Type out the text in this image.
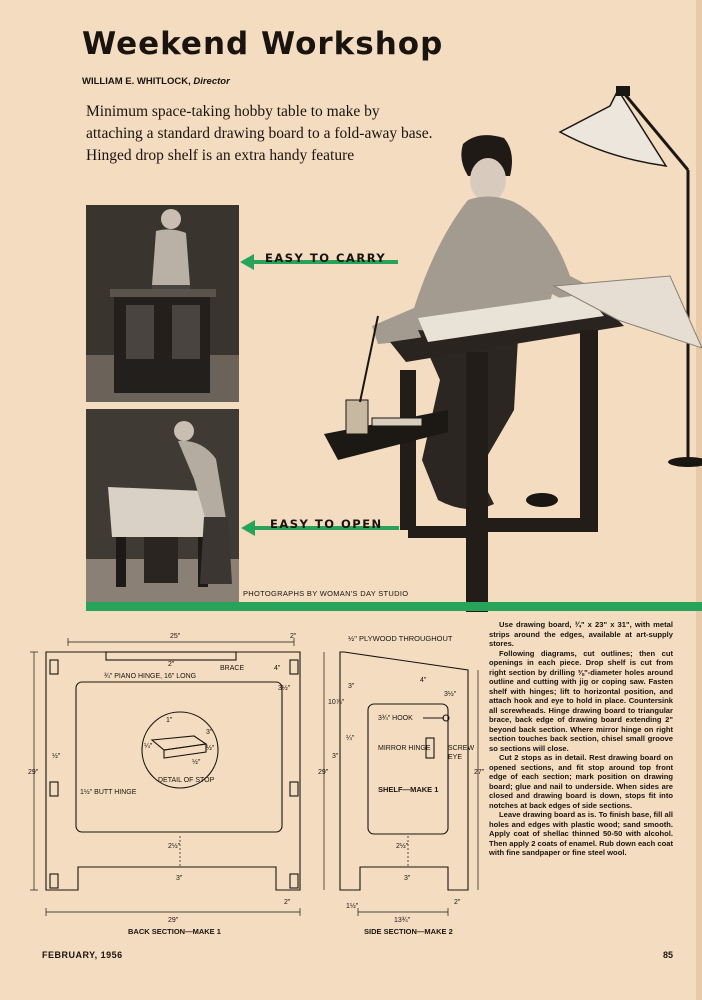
Weekend Workshop
WILLIAM E. WHITLOCK, Director

Minimum space-taking hobby table to make by attaching a standard drawing board to a fold-away base. Hinged drop shelf is an extra handy feature

PHOTOGRAPHS BY WOMAN'S DAY STUDIO
EASY TO CARRY
EASY TO OPEN
½" PLYWOOD THROUGHOUT
25"	2"
2"
BRACE
¾" PIANO HINGE, 16" LONG
4"
3½"
½"
29"
1½" BUTT HINGE
DETAIL OF STOP
1"
3"
½"
¼"
½"
2½"
3"
2"
29"
BACK SECTION—MAKE 1
10⅞"
3"
4"
3½"
¼"
3¾" HOOK
MIRROR HINGE	SCREW
EYE
3"
29"	27"
SHELF—MAKE 1
2½"
3"
1½"
2"
13¾"
SIDE SECTION—MAKE 2

Use drawing board, ¾" x 23" x 31", with metal strips around the edges, available at art-supply stores.

Following diagrams, cut outlines; then cut openings in each piece. Drop shelf is cut from right section by drilling ⅜"-diameter holes around outline and cutting with jig or coping saw. Fasten shelf with hinges; lift to horizontal position, and attach hook and eye to hold in place. Countersink all screwheads. Hinge drawing board to triangular brace, back edge of drawing board extending 2" beyond back section. Where mirror hinge on right section touches back section, chisel small groove so sections will close.

Cut 2 stops as in detail. Rest drawing board on opened sections, and fit stop around top front edge of each section; mark position on drawing board; glue and nail to underside. When sides are closed and drawing board is down, stops fit into notches at back edges of side sections.

Leave drawing board as is. To finish base, fill all holes and edges with plastic wood; sand smooth. Apply coat of shellac thinned 50-50 with alcohol. Then apply 2 coats of enamel. Rub down each coat with fine sandpaper or fine steel wool.

FEBRUARY, 1956	85
